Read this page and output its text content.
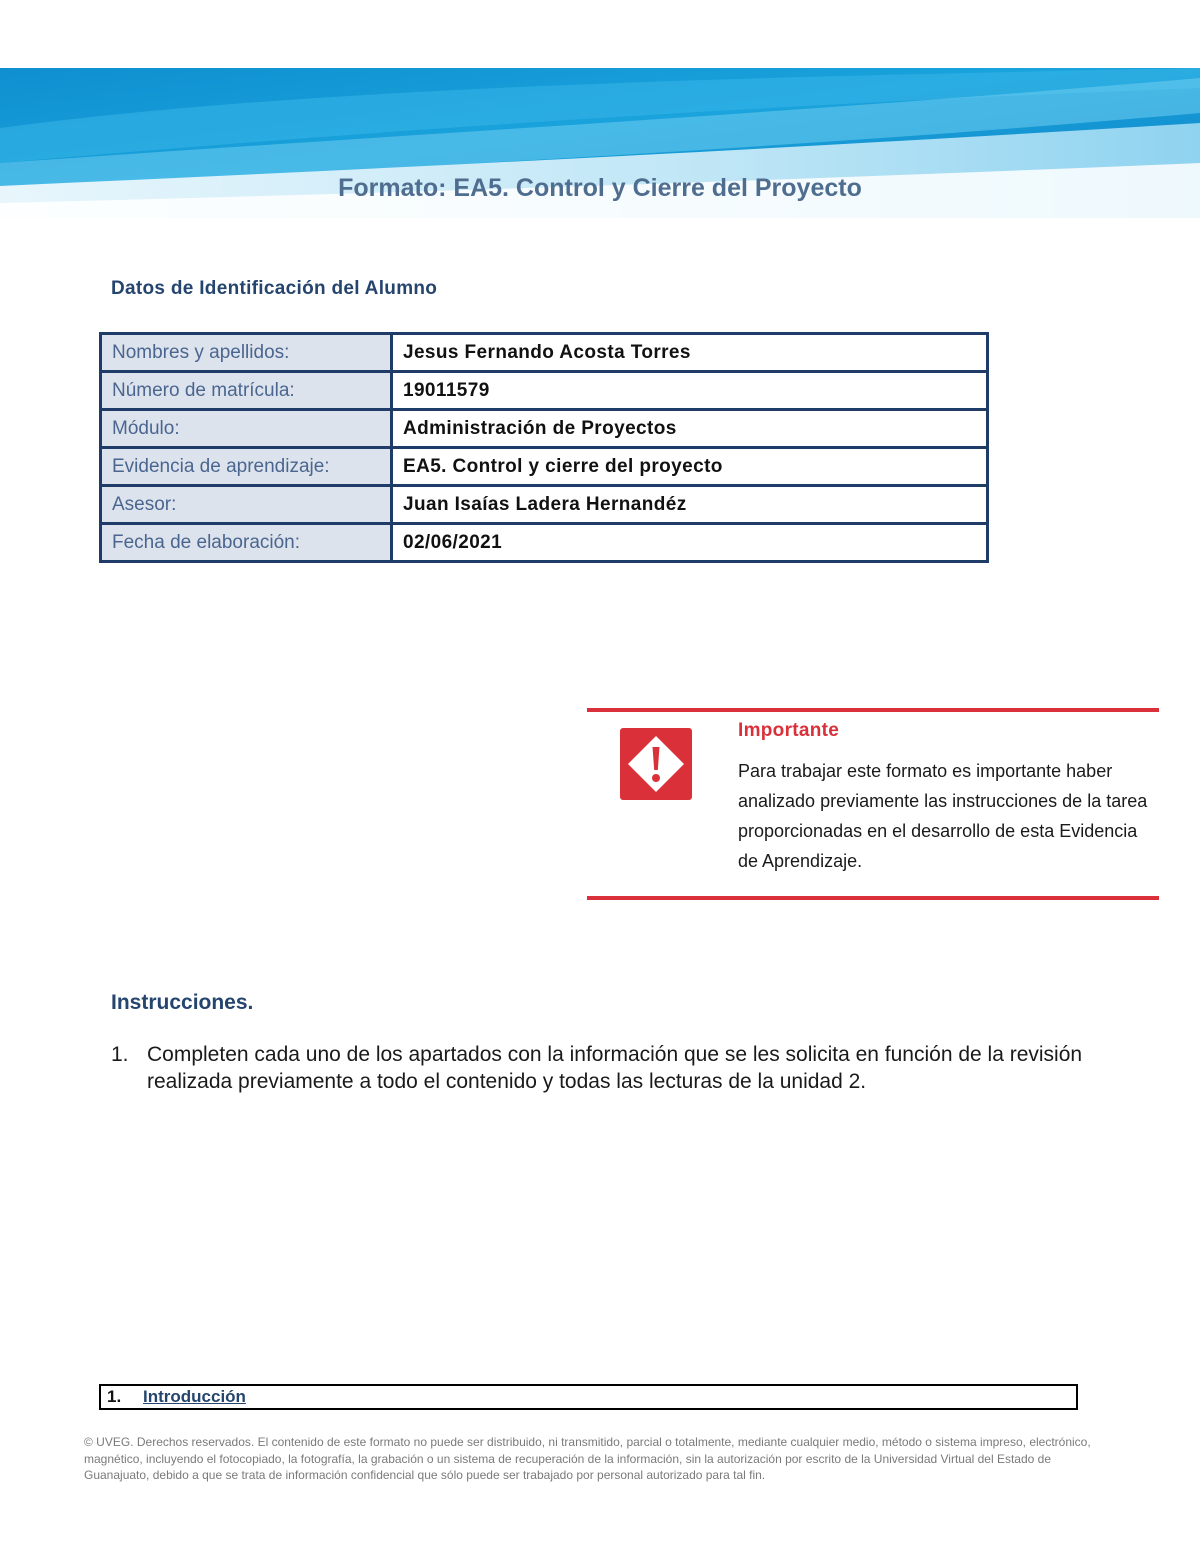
Formato: EA5. Control y Cierre del Proyecto
Datos de Identificación del Alumno
Nombres y apellidos:	Jesus Fernando Acosta Torres
Número de matrícula:	19011579
Módulo:	Administración de Proyectos
Evidencia de aprendizaje:	EA5. Control y cierre del proyecto
Asesor:	Juan Isaías Ladera Hernandéz
Fecha de elaboración:	02/06/2021
Importante

Para trabajar este formato es importante haber analizado previamente las instrucciones de la tarea proporcionadas en el desarrollo de esta Evidencia de Aprendizaje.

Instrucciones.
1. Completen cada uno de los apartados con la información que se les solicita en función de la revisión realizada previamente a todo el contenido y todas las lecturas de la unidad 2.
1. Introducción

© UVEG. Derechos reservados. El contenido de este formato no puede ser distribuido, ni transmitido, parcial o totalmente, mediante cualquier medio, método o sistema impreso, electrónico, magnético, incluyendo el fotocopiado, la fotografía, la grabación o un sistema de recuperación de la información, sin la autorización por escrito de la Universidad Virtual del Estado de Guanajuato, debido a que se trata de información confidencial que sólo puede ser trabajado por personal autorizado para tal fin.
